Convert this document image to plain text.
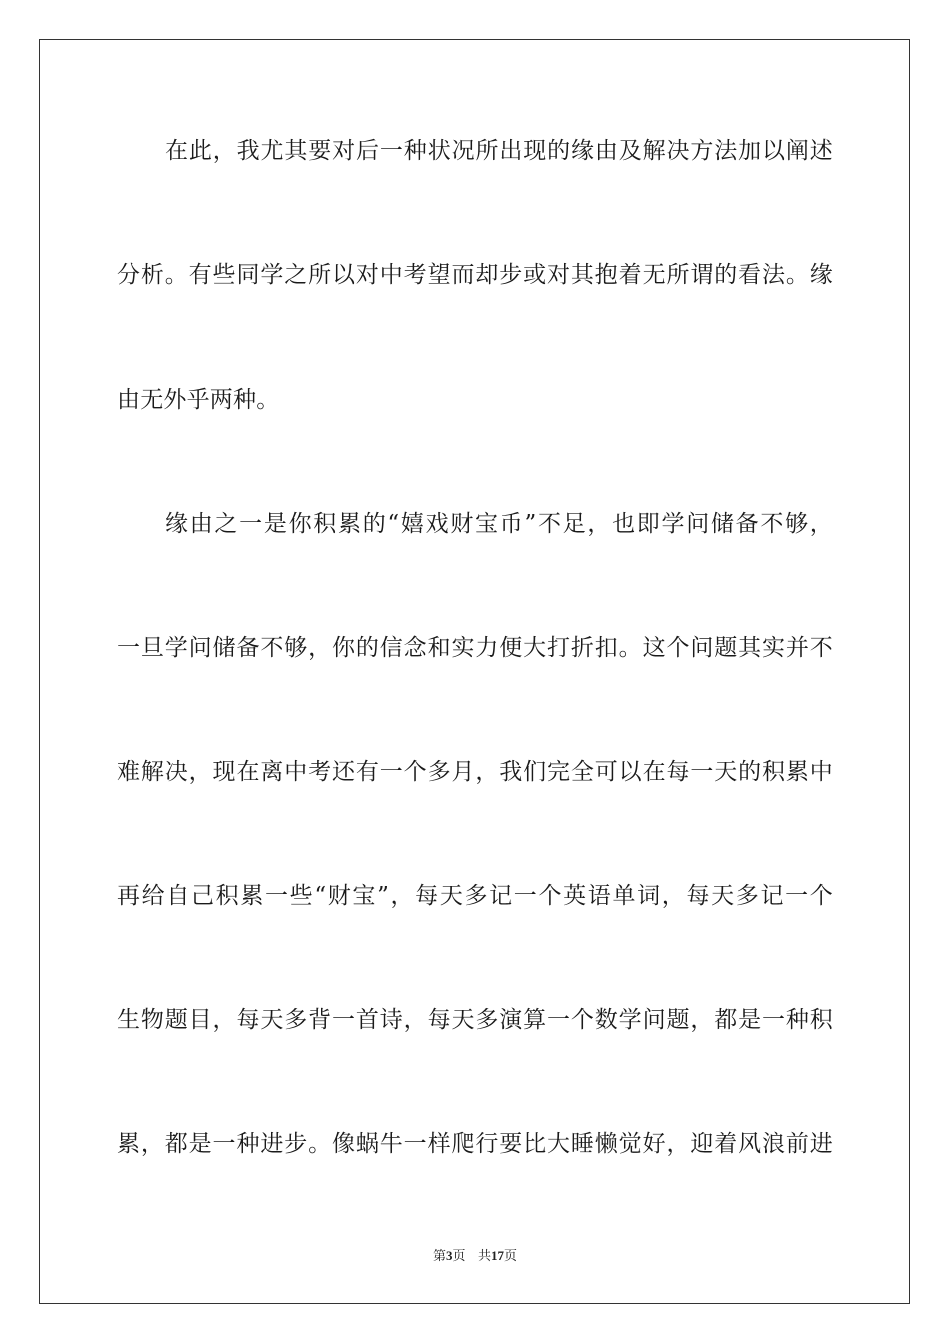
在此，我尤其要对后一种状况所出现的缘由及解决方法加以阐述
分析。有些同学之所以对中考望而却步或对其抱着无所谓的看法。缘
由无外乎两种。
缘由之一是你积累的“嬉戏财宝币”不足，也即学问储备不够，
一旦学问储备不够，你的信念和实力便大打折扣。这个问题其实并不
难解决，现在离中考还有一个多月，我们完全可以在每一天的积累中
再给自己积累一些“财宝”，每天多记一个英语单词，每天多记一个
生物题目，每天多背一首诗，每天多演算一个数学问题，都是一种积
累，都是一种进步。像蜗牛一样爬行要比大睡懒觉好，迎着风浪前进
第3页 共17页
